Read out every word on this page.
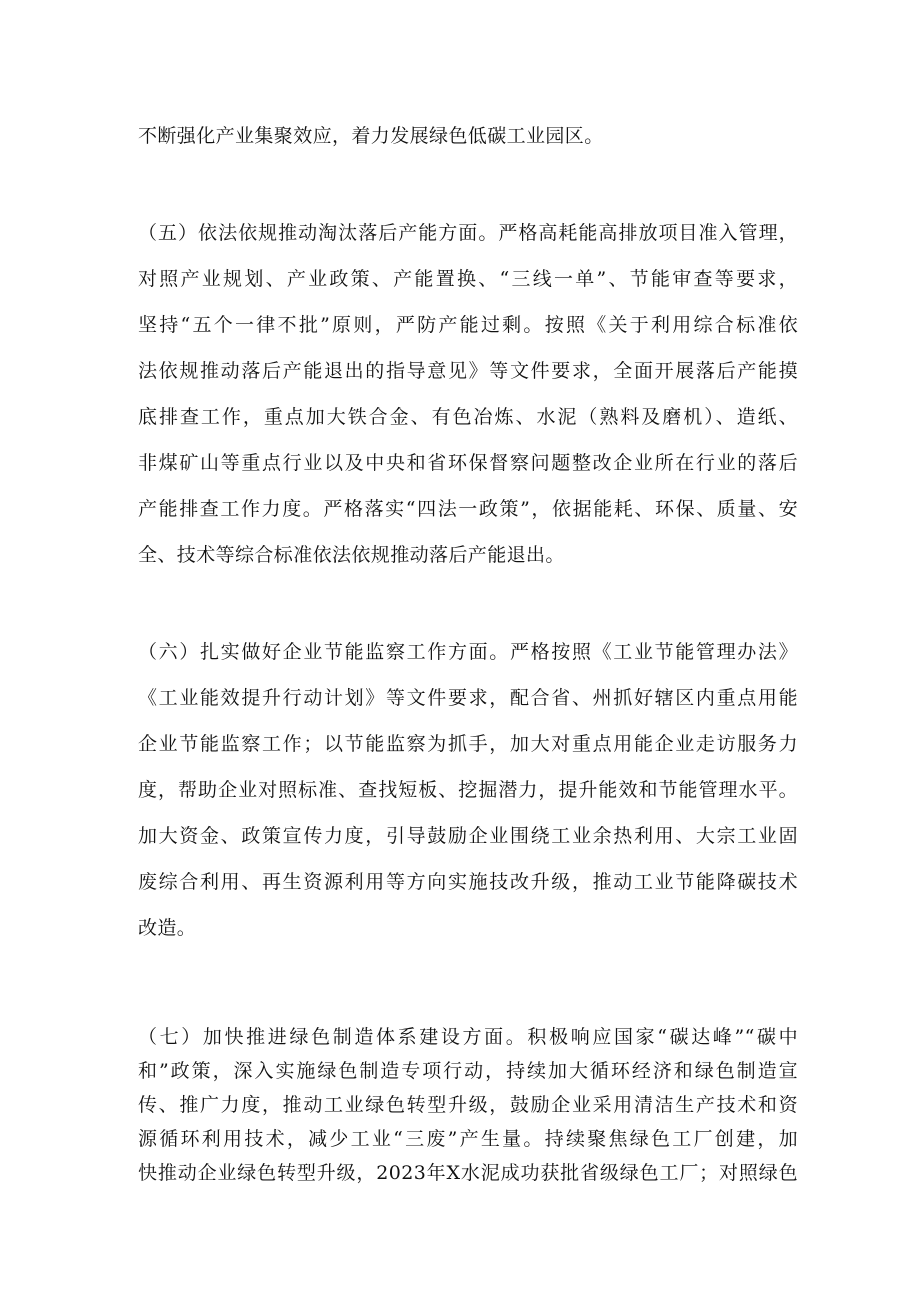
不断强化产业集聚效应，着力发展绿色低碳工业园区。
（五）依法依规推动淘汰落后产能方面。严格高耗能高排放项目准入管理，
对照产业规划、产业政策、产能置换、“三线一单”、节能审查等要求，
坚持“五个一律不批”原则，严防产能过剩。按照《关于利用综合标准依
法依规推动落后产能退出的指导意见》等文件要求，全面开展落后产能摸
底排查工作，重点加大铁合金、有色冶炼、水泥（熟料及磨机）、造纸、
非煤矿山等重点行业以及中央和省环保督察问题整改企业所在行业的落后
产能排查工作力度。严格落实“四法一政策”，依据能耗、环保、质量、安
全、技术等综合标准依法依规推动落后产能退出。
（六）扎实做好企业节能监察工作方面。严格按照《工业节能管理办法》
《工业能效提升行动计划》等文件要求，配合省、州抓好辖区内重点用能
企业节能监察工作；以节能监察为抓手，加大对重点用能企业走访服务力
度，帮助企业对照标准、查找短板、挖掘潜力，提升能效和节能管理水平。
加大资金、政策宣传力度，引导鼓励企业围绕工业余热利用、大宗工业固
废综合利用、再生资源利用等方向实施技改升级，推动工业节能降碳技术
改造。
（七）加快推进绿色制造体系建设方面。积极响应国家“碳达峰”“碳中
和”政策，深入实施绿色制造专项行动，持续加大循环经济和绿色制造宣
传、推广力度，推动工业绿色转型升级，鼓励企业采用清洁生产技术和资
源循环利用技术，减少工业“三废”产生量。持续聚焦绿色工厂创建，加
快推动企业绿色转型升级，2023年X水泥成功获批省级绿色工厂；对照绿色
